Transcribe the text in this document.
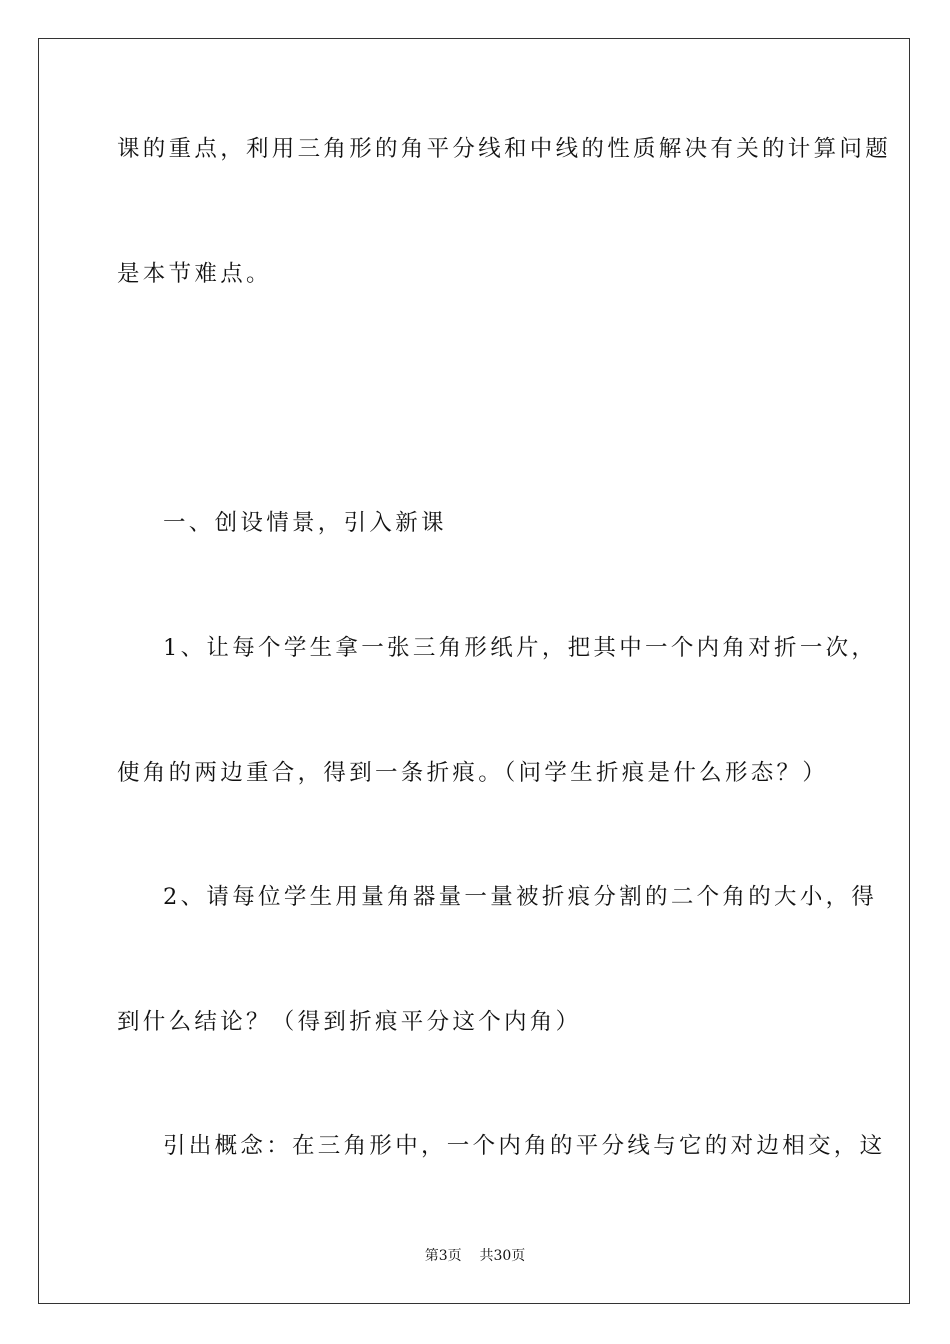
课的重点，利用三角形的角平分线和中线的性质解决有关的计算问题
是本节难点。
一、创设情景，引入新课
1、让每个学生拿一张三角形纸片，把其中一个内角对折一次，
使角的两边重合，得到一条折痕。（问学生折痕是什么形态？）
2、请每位学生用量角器量一量被折痕分割的二个角的大小，得
到什么结论？（得到折痕平分这个内角）
引出概念：在三角形中，一个内角的平分线与它的对边相交，这
第3页 共30页
